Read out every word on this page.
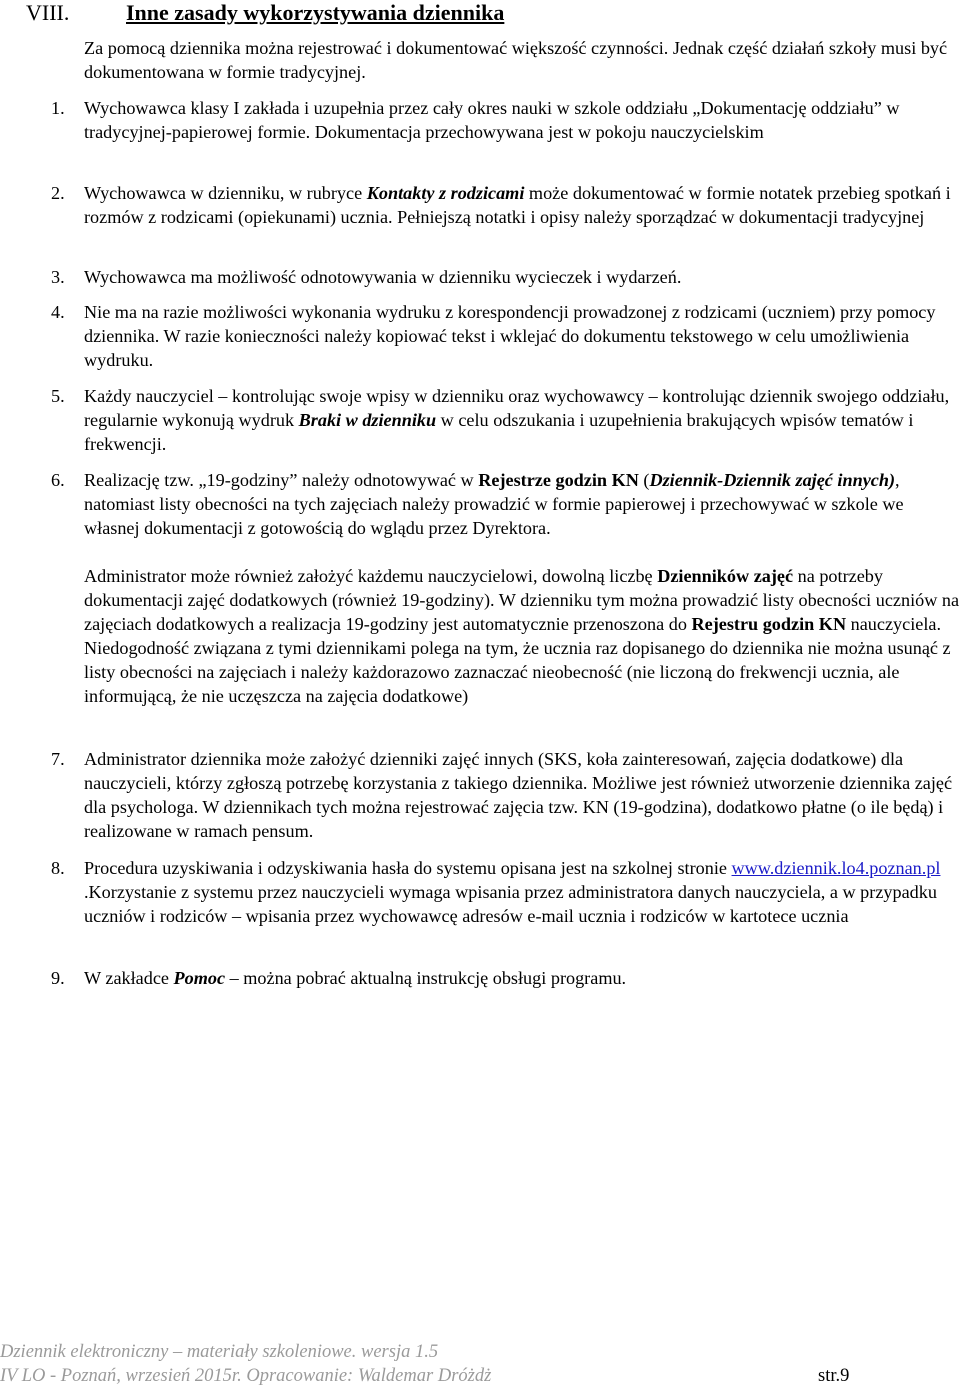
VIII.	Inne zasady wykorzystywania dziennika

Za pomocą dziennika można rejestrować i dokumentować większość czynności. Jednak część działań szkoły musi być dokumentowana w formie tradycyjnej.

1.	Wychowawca klasy I zakłada i uzupełnia przez cały okres nauki w szkole oddziału „Dokumentację oddziału” w tradycyjnej-papierowej formie. Dokumentacja przechowywana jest w pokoju nauczycielskim

2.	Wychowawca w dzienniku, w rubryce Kontakty z rodzicami może dokumentować w formie notatek przebieg spotkań i rozmów z rodzicami (opiekunami) ucznia. Pełniejszą notatki i opisy należy sporządzać w dokumentacji tradycyjnej

3.	Wychowawca ma możliwość odnotowywania w dzienniku wycieczek i wydarzeń.

4.	Nie ma na razie możliwości wykonania wydruku z korespondencji prowadzonej z rodzicami (uczniem) przy pomocy dziennika. W razie konieczności należy kopiować tekst i wklejać do dokumentu tekstowego w celu umożliwienia wydruku.

5.	Każdy nauczyciel – kontrolując swoje wpisy w dzienniku oraz wychowawcy – kontrolując dziennik swojego oddziału, regularnie wykonują wydruk Braki w dzienniku w celu odszukania i uzupełnienia brakujących wpisów tematów i frekwencji.

6.	Realizację tzw. „19-godziny” należy odnotowywać w Rejestrze godzin KN (Dziennik-Dziennik zajęć innych), natomiast listy obecności na tych zajęciach należy prowadzić w formie papierowej i przechowywać w szkole we własnej dokumentacji z gotowością do wglądu przez Dyrektora.

Administrator może również założyć każdemu nauczycielowi, dowolną liczbę Dzienników zajęć na potrzeby dokumentacji zajęć dodatkowych (również 19-godziny). W dzienniku tym można prowadzić listy obecności uczniów na zajęciach dodatkowych a realizacja 19-godziny jest automatycznie przenoszona do Rejestru godzin KN nauczyciela. Niedogodność związana z tymi dziennikami polega na tym, że ucznia raz dopisanego do dziennika nie można usunąć z listy obecności na zajęciach i należy każdorazowo zaznaczać nieobecność (nie liczoną do frekwencji ucznia, ale informującą, że nie uczęszcza na zajęcia dodatkowe)

7.	Administrator dziennika może założyć dzienniki zajęć innych (SKS, koła zainteresowań, zajęcia dodatkowe) dla nauczycieli, którzy zgłoszą potrzebę korzystania z takiego dziennika. Możliwe jest również utworzenie dziennika zajęć dla psychologa. W dziennikach tych można rejestrować zajęcia tzw. KN (19-godzina), dodatkowo płatne (o ile będą) i realizowane w ramach pensum.

8.	Procedura uzyskiwania i odzyskiwania hasła do systemu opisana jest na szkolnej stronie www.dziennik.lo4.poznan.pl .Korzystanie z systemu przez nauczycieli wymaga wpisania przez administratora danych nauczyciela, a w przypadku uczniów i rodziców – wpisania przez wychowawcę adresów e-mail ucznia i rodziców w kartotece ucznia

9.	W zakładce Pomoc – można pobrać aktualną instrukcję obsługi programu.

Dziennik elektroniczny – materiały szkoleniowe. wersja 1.5
IV LO - Poznań, wrzesień 2015r. Opracowanie: Waldemar Dróżdż	str.9
